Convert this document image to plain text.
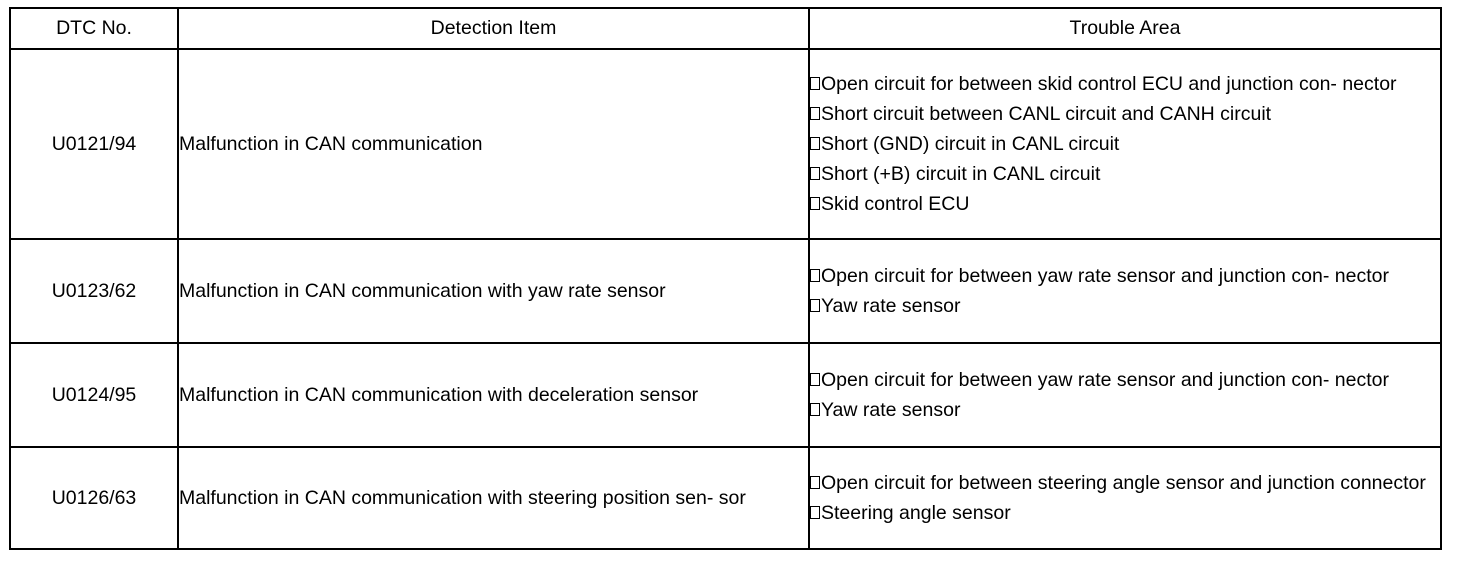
DTC No.	Detection Item	Trouble Area
U0121/94	Malfunction in CAN communication	Open circuit for between skid control ECU and junction con- nector
Short circuit between CANL circuit and CANH circuit
Short (GND) circuit in CANL circuit
Short (+B) circuit in CANL circuit
Skid control ECU

U0123/62	Malfunction in CAN communication with yaw rate sensor	Open circuit for between yaw rate sensor and junction con- nector
Yaw rate sensor

U0124/95	Malfunction in CAN communication with deceleration sensor	Open circuit for between yaw rate sensor and junction con- nector
Yaw rate sensor

U0126/63	Malfunction in CAN communication with steering position sen- sor	Open circuit for between steering angle sensor and junction connector
Steering angle sensor
